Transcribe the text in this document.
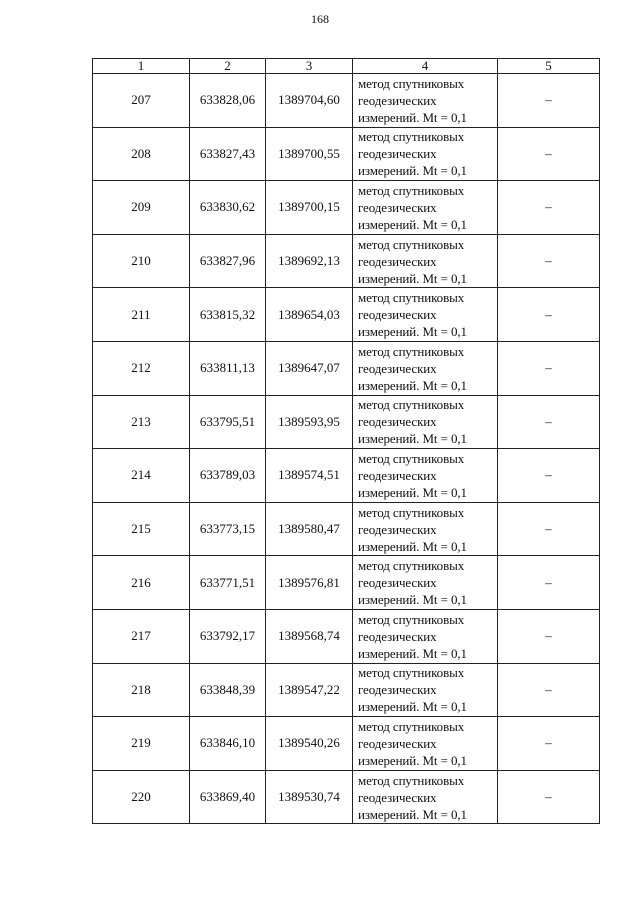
168
1	2	3	4	5
207	633828,06	1389704,60	метод спутниковых
геодезических
измерений. Mt = 0,1	–
208	633827,43	1389700,55	метод спутниковых
геодезических
измерений. Mt = 0,1	–
209	633830,62	1389700,15	метод спутниковых
геодезических
измерений. Mt = 0,1	–
210	633827,96	1389692,13	метод спутниковых
геодезических
измерений. Mt = 0,1	–
211	633815,32	1389654,03	метод спутниковых
геодезических
измерений. Mt = 0,1	–
212	633811,13	1389647,07	метод спутниковых
геодезических
измерений. Mt = 0,1	–
213	633795,51	1389593,95	метод спутниковых
геодезических
измерений. Mt = 0,1	–
214	633789,03	1389574,51	метод спутниковых
геодезических
измерений. Mt = 0,1	–
215	633773,15	1389580,47	метод спутниковых
геодезических
измерений. Mt = 0,1	–
216	633771,51	1389576,81	метод спутниковых
геодезических
измерений. Mt = 0,1	–
217	633792,17	1389568,74	метод спутниковых
геодезических
измерений. Mt = 0,1	–
218	633848,39	1389547,22	метод спутниковых
геодезических
измерений. Mt = 0,1	–
219	633846,10	1389540,26	метод спутниковых
геодезических
измерений. Mt = 0,1	–
220	633869,40	1389530,74	метод спутниковых
геодезических
измерений. Mt = 0,1	–
